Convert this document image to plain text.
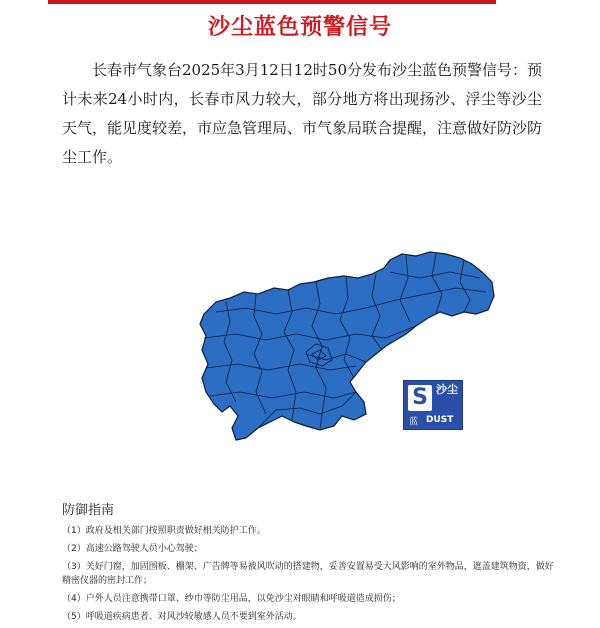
沙尘蓝色预警信号
长春市气象台2025年3月12日12时50分发布沙尘蓝色预警信号：预计未来24小时内，长春市风力较大，部分地方将出现扬沙、浮尘等沙尘天气，能见度较差，市应急管理局、市气象局联合提醒，注意做好防沙防尘工作。
S 沙尘
蓝 DUST
防御指南
（1）政府及相关部门按照职责做好相关防护工作。
（2）高速公路驾驶人员小心驾驶；
（3）关好门窗，加固围板、棚架、广告牌等易被风吹动的搭建物，妥善安置易受大风影响的室外物品，遮盖建筑物资，做好精密仪器的密封工作；
（4）户外人员注意携带口罩、纱巾等防尘用品，以免沙尘对眼睛和呼吸道造成损伤；
（5）呼吸道疾病患者、对风沙较敏感人员不要到室外活动。
